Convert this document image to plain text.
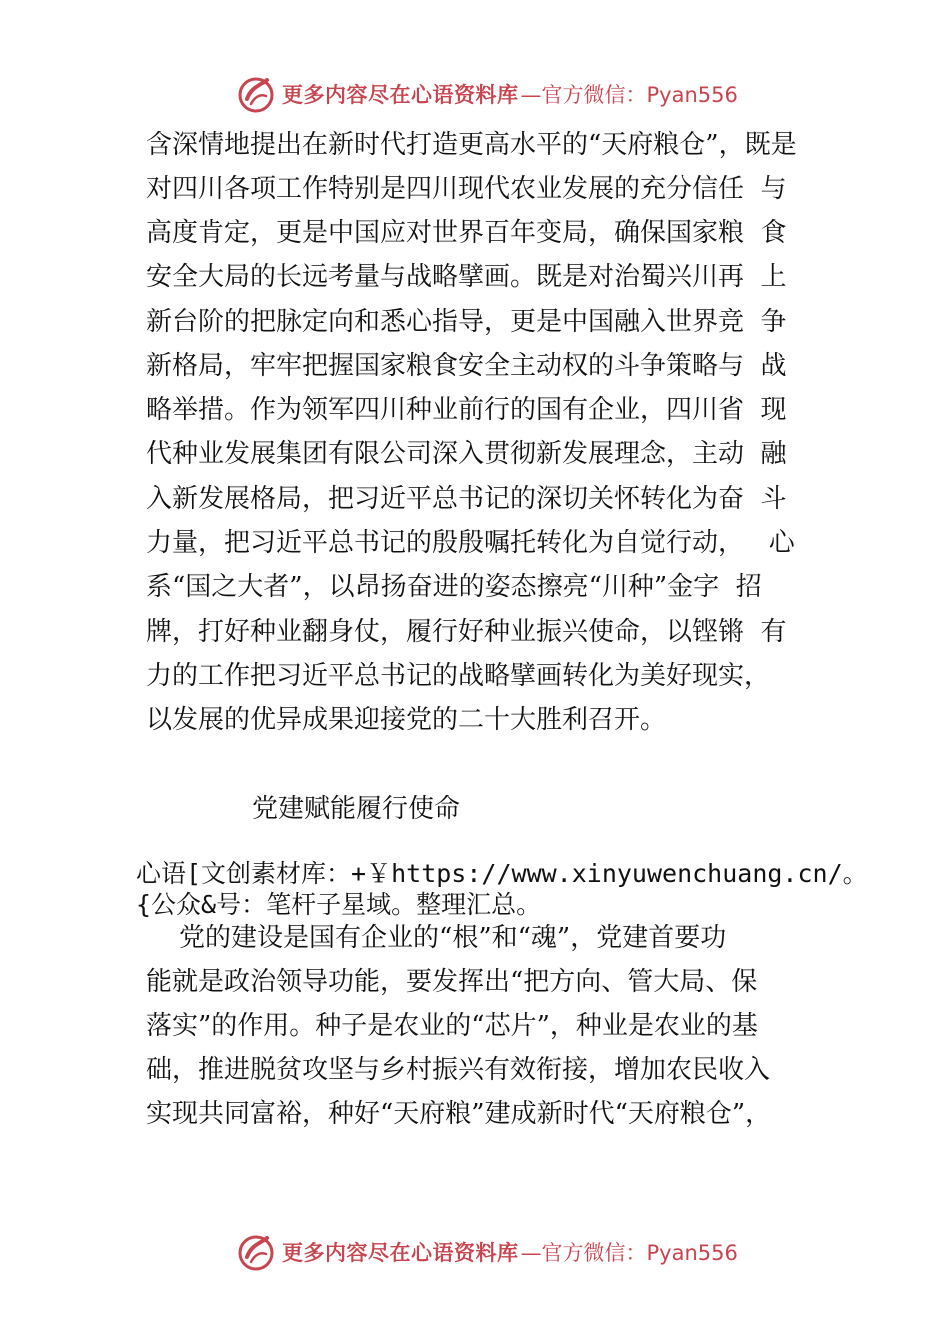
更多内容尽在心语资料库 —官方微信：Pyan556
含深情地提出在新时代打造更高水平的“天府粮仓”，既是
对四川各项工作特别是四川现代农业发展的充分信任  与
高度肯定，更是中国应对世界百年变局，确保国家粮  食
安全大局的长远考量与战略擘画。既是对治蜀兴川再  上
新台阶的把脉定向和悉心指导，更是中国融入世界竞  争
新格局，牢牢把握国家粮食安全主动权的斗争策略与  战
略举措。作为领军四川种业前行的国有企业，四川省  现
代种业发展集团有限公司深入贯彻新发展理念，主动  融
入新发展格局，把习近平总书记的深切关怀转化为奋  斗
力量，把习近平总书记的殷殷嘱托转化为自觉行动，   心
系“国之大者”，以昂扬奋进的姿态擦亮“川种”金字  招
牌，打好种业翻身仗，履行好种业振兴使命，以铿锵  有
力的工作把习近平总书记的战略擘画转化为美好现实，
以发展的优异成果迎接党的二十大胜利召开。
党建赋能履行使命
心语[文创素材库：+￥https://www.xinyuwenchuang.cn/。
{公众&号：笔杆子星域。整理汇总。
党的建设是国有企业的“根”和“魂”，党建首要功
能就是政治领导功能，要发挥出“把方向、管大局、保
落实”的作用。种子是农业的“芯片”，种业是农业的基
础，推进脱贫攻坚与乡村振兴有效衔接，增加农民收入
实现共同富裕，种好“天府粮”建成新时代“天府粮仓”，
更多内容尽在心语资料库 —官方微信：Pyan556
